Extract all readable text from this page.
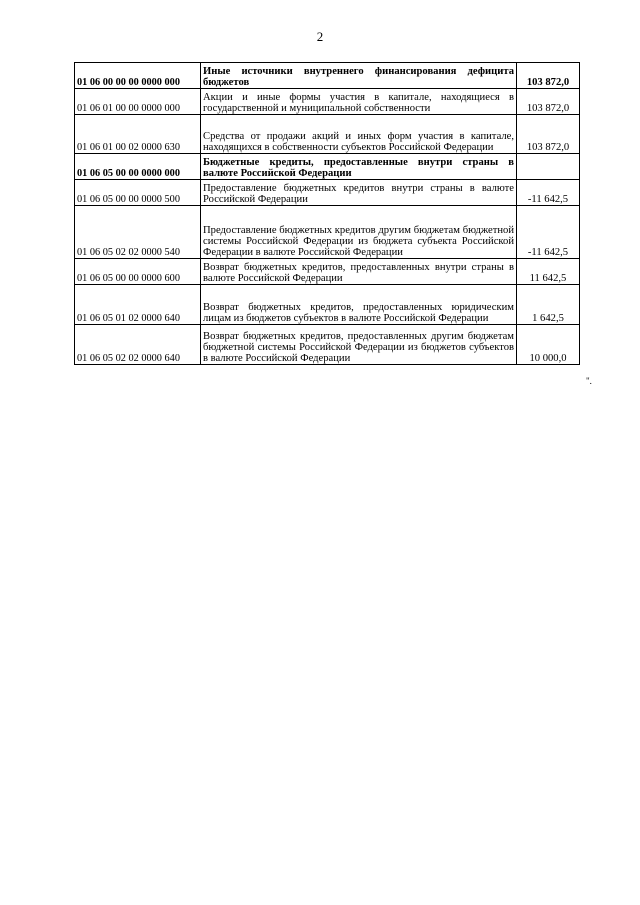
2
01 06 00 00 00 0000 000	Иные источники внутреннего финансирования дефицита бюджетов	103 872,0
01 06 01 00 00 0000 000	Акции и иные формы участия в капитале, находящиеся в государственной и муниципальной собственности	103 872,0
01 06 01 00 02 0000 630	Средства от продажи акций и иных форм участия в капитале, находящихся в собственности субъектов Российской Федерации	103 872,0
01 06 05 00 00 0000 000	Бюджетные кредиты, предоставленные внутри страны в валюте Российской Федерации	
01 06 05 00 00 0000 500	Предоставление бюджетных кредитов внутри страны в валюте Российской Федерации	-11 642,5
01 06 05 02 02 0000 540	Предоставление бюджетных кредитов другим бюджетам бюджетной системы Российской Федерации из бюджета субъекта Российской Федерации в валюте Российской Федерации	-11 642,5
01 06 05 00 00 0000 600	Возврат бюджетных кредитов, предоставленных внутри страны в валюте Российской Федерации	11 642,5
01 06 05 01 02 0000 640	Возврат бюджетных кредитов, предоставленных юридическим лицам из бюджетов субъектов в валюте Российской Федерации	1 642,5
01 06 05 02 02 0000 640	Возврат бюджетных кредитов, предоставленных другим бюджетам бюджетной системы Российской Федерации из бюджетов субъектов в валюте Российской Федерации	10 000,0
".
